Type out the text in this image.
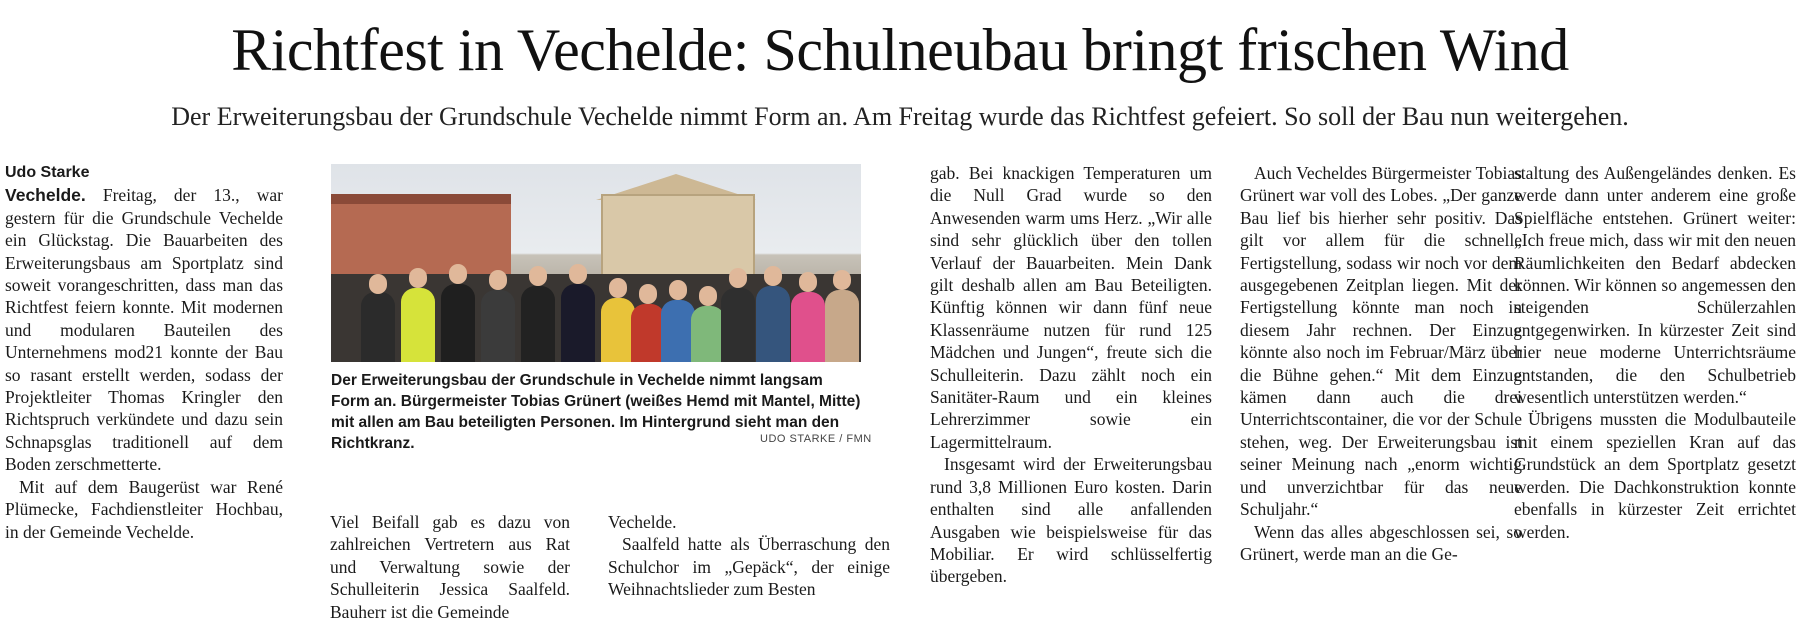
Richtfest in Vechelde: Schulneubau bringt frischen Wind
Der Erweiterungsbau der Grundschule Vechelde nimmt Form an. Am Freitag wurde das Richtfest gefeiert. So soll der Bau nun weitergehen.

Udo Starke

Vechelde. Freitag, der 13., war gestern für die Grundschule Vechelde ein Glückstag. Die Bauarbeiten des Erweiterungsbaus am Sportplatz sind soweit vorangeschritten, dass man das Richtfest feiern konnte. Mit modernen und modularen Bauteilen des Unternehmens mod21 konnte der Bau so rasant erstellt werden, sodass der Projektleiter Thomas Kringler den Richtspruch verkündete und dazu sein Schnapsglas traditionell auf dem Boden zerschmetterte.

Mit auf dem Baugerüst war René Plümecke, Fachdienstleiter Hochbau, in der Gemeinde Vechelde.

Der Erweiterungsbau der Grundschule in Vechelde nimmt langsam Form an. Bürgermeister Tobias Grünert (weißes Hemd mit Mantel, Mitte) mit allen am Bau beteiligten Personen. Im Hintergrund sieht man den Richtkranz.	UDO STARKE / FMN

Viel Beifall gab es dazu von zahlreichen Vertretern aus Rat und Verwaltung sowie der Schulleiterin Jessica Saalfeld. Bauherr ist die Gemeinde

Vechelde.

Saalfeld hatte als Überraschung den Schulchor im „Gepäck“, der einige Weihnachtslieder zum Besten

gab. Bei knackigen Temperaturen um die Null Grad wurde so den Anwesenden warm ums Herz. „Wir alle sind sehr glücklich über den tollen Verlauf der Bauarbeiten. Mein Dank gilt deshalb allen am Bau Beteiligten. Künftig können wir dann fünf neue Klassenräume nutzen für rund 125 Mädchen und Jungen“, freute sich die Schulleiterin. Dazu zählt noch ein Sanitäter-Raum und ein kleines Lehrerzimmer sowie ein Lagermittelraum.

Insgesamt wird der Erweiterungsbau rund 3,8 Millionen Euro kosten. Darin enthalten sind alle anfallenden Ausgaben wie beispielsweise für das Mobiliar. Er wird schlüsselfertig übergeben.

Auch Vecheldes Bürgermeister Tobias Grünert war voll des Lobes. „Der ganze Bau lief bis hierher sehr positiv. Das gilt vor allem für die schnelle Fertigstellung, sodass wir noch vor dem ausgegebenen Zeitplan liegen. Mit der Fertigstellung könnte man noch in diesem Jahr rechnen. Der Einzug könnte also noch im Februar/März über die Bühne gehen.“ Mit dem Einzug kämen dann auch die drei Unterrichtscontainer, die vor der Schule stehen, weg. Der Erweiterungsbau ist seiner Meinung nach „enorm wichtig und unverzichtbar für das neue Schuljahr.“

Wenn das alles abgeschlossen sei, so Grünert, werde man an die Ge-

staltung des Außengeländes denken. Es werde dann unter anderem eine große Spielfläche entstehen. Grünert weiter: „Ich freue mich, dass wir mit den neuen Räumlichkeiten den Bedarf abdecken können. Wir können so angemessen den steigenden Schülerzahlen entgegenwirken. In kürzester Zeit sind hier neue moderne Unterrichtsräume entstanden, die den Schulbetrieb wesentlich unterstützen werden.“

Übrigens mussten die Modulbauteile mit einem speziellen Kran auf das Grundstück an dem Sportplatz gesetzt werden. Die Dachkonstruktion konnte ebenfalls in kürzester Zeit errichtet werden.
